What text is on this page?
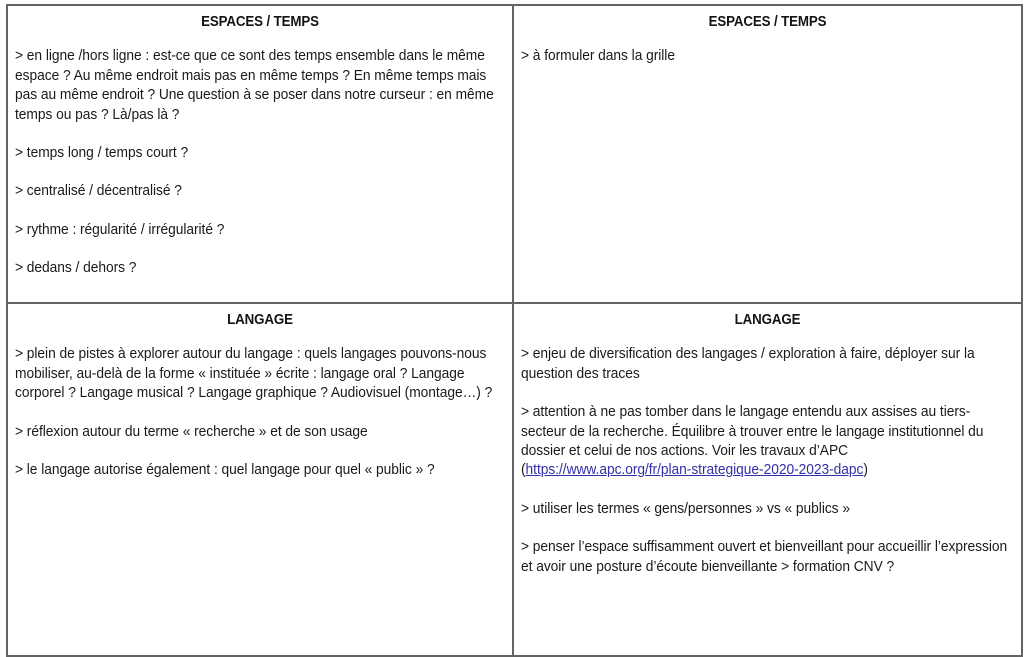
ESPACES / TEMPS

> en ligne /hors ligne : est-ce que ce sont des temps ensemble dans le même espace ? Au même endroit mais pas en même temps ? En même temps mais pas au même endroit ? Une question à se poser dans notre curseur : en même temps ou pas ? Là/pas là ?

> temps long / temps court ?

> centralisé / décentralisé ?

> rythme : régularité / irrégularité ?

> dedans / dehors ?

ESPACES / TEMPS

> à formuler dans la grille

LANGAGE

> plein de pistes à explorer autour du langage : quels langages pouvons-nous mobiliser, au-delà de la forme « instituée » écrite : langage oral ? Langage corporel ? Langage musical ? Langage graphique ? Audiovisuel (montage…) ?

> réflexion autour du terme « recherche » et de son usage

> le langage autorise également : quel langage pour quel « public » ?

LANGAGE

> enjeu de diversification des langages / exploration à faire, déployer sur la question des traces

> attention à ne pas tomber dans le langage entendu aux assises au tiers-secteur de la recherche. Équilibre à trouver entre le langage institutionnel du dossier et celui de nos actions. Voir les travaux d’APC (https://www.apc.org/fr/plan-strategique-2020-2023-dapc)

> utiliser les termes « gens/personnes » vs « publics »

> penser l’espace suffisamment ouvert et bienveillant pour accueillir l’expression et avoir une posture d’écoute bienveillante > formation CNV ?
